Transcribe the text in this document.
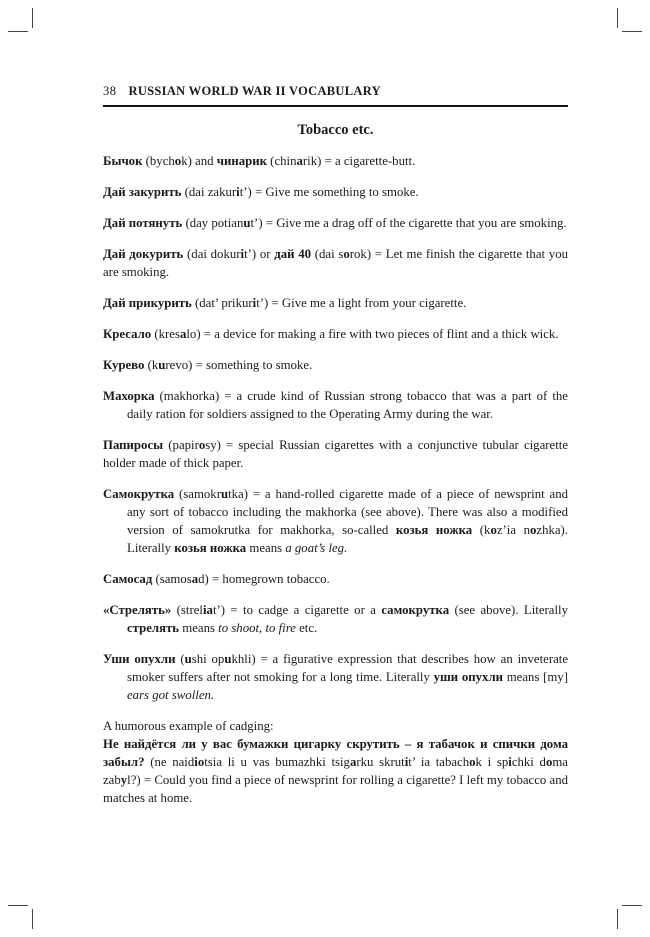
38 RUSSIAN WORLD WAR II VOCABULARY
Tobacco etc.

Бычок (bychok) and чинарик (chinarik) = a cigarette-butt.

Дай закурить (dai zakurit’) = Give me something to smoke.

Дай потянуть (day potianut’) = Give me a drag off of the cigarette that you are smoking.

Дай докурить (dai dokurit’) or дай 40 (dai sorok) = Let me finish the cigarette that you are smoking.

Дай прикурить (dat’ prikurit’) = Give me a light from your cigarette.

Кресало (kresalo) = a device for making a fire with two pieces of flint and a thick wick.

Курево (kurevo) = something to smoke.

Махорка (makhorka) = a crude kind of Russian strong tobacco that was a part of the daily ration for soldiers assigned to the Operating Army during the war.

Папиросы (papirosy) = special Russian cigarettes with a conjunctive tubular cigarette holder made of thick paper.

Самокрутка (samokrutka) = a hand-rolled cigarette made of a piece of newsprint and any sort of tobacco including the makhorka (see above). There was also a modified version of samokrutka for makhorka, so-called козья ножка (koz’ia nozhka). Literally козья ножка means a goat’s leg.

Самосад (samosad) = homegrown tobacco.

«Стрелять» (streliat’) = to cadge a cigarette or a самокрутка (see above). Literally стрелять means to shoot, to fire etc.

Уши опухли (ushi opukhli) = a figurative expression that describes how an inveterate smoker suffers after not smoking for a long time. Literally уши опухли means [my] ears got swollen.

A humorous example of cadging:

Не найдётся ли у вас бумажки цигарку скрутить – я табачок и спички дома забыл? (ne naidiotsia li u vas bumazhki tsigarku skrutit’ ia tabachok i spichki doma zabyl?) = Could you find a piece of newsprint for rolling a cigarette? I left my tobacco and matches at home.
